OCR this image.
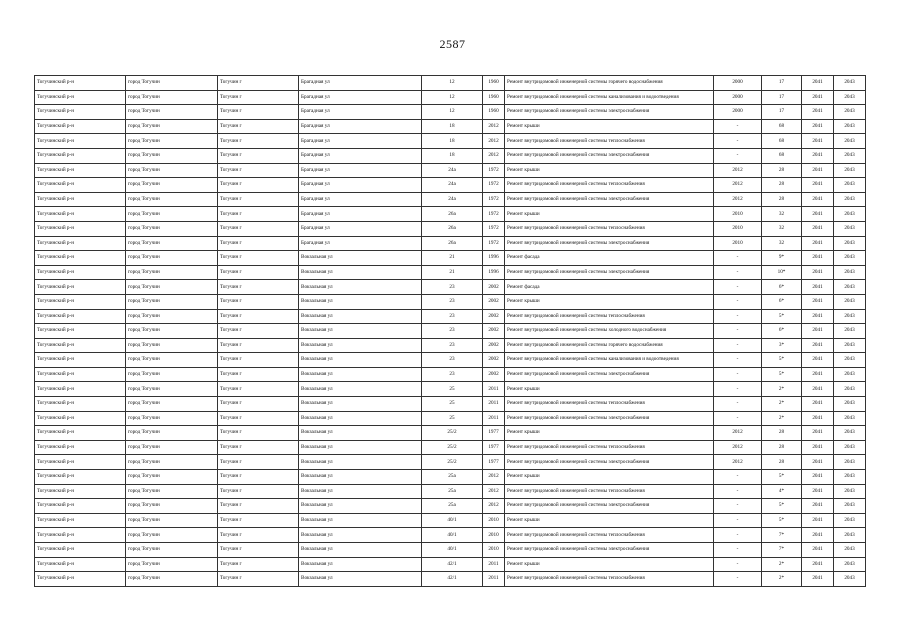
2587
Тогучинский р-н	город Тогучин	Тогучин г	Брагадная ул	12	1960	Ремонт внутридомовой инженерной системы горячего водоснабжения	2000	17	2041	2043
Тогучинский р-н	город Тогучин	Тогучин г	Брагадная ул	12	1960	Ремонт внутридомовой инженерной системы канализования и водоотведения	2000	17	2041	2043
Тогучинский р-н	город Тогучин	Тогучин г	Брагадная ул	12	1960	Ремонт внутридомовой инженерной системы электроснабжения	2000	17	2041	2043
Тогучинский р-н	город Тогучин	Тогучин г	Брагадная ул	18	2012	Ремонт крыши	-	68	2041	2043
Тогучинский р-н	город Тогучин	Тогучин г	Брагадная ул	18	2012	Ремонт внутридомовой инженерной системы теплоснабжения	-	68	2041	2043
Тогучинский р-н	город Тогучин	Тогучин г	Брагадная ул	18	2012	Ремонт внутридомовой инженерной системы электроснабжения	-	68	2041	2043
Тогучинский р-н	город Тогучин	Тогучин г	Брагадная ул	24а	1972	Ремонт крыши	2012	28	2041	2043
Тогучинский р-н	город Тогучин	Тогучин г	Брагадная ул	24а	1972	Ремонт внутридомовой инженерной системы теплоснабжения	2012	28	2041	2043
Тогучинский р-н	город Тогучин	Тогучин г	Брагадная ул	24а	1972	Ремонт внутридомовой инженерной системы электроснабжения	2012	28	2041	2043
Тогучинский р-н	город Тогучин	Тогучин г	Брагадная ул	26а	1972	Ремонт крыши	2010	32	2041	2043
Тогучинский р-н	город Тогучин	Тогучин г	Брагадная ул	26а	1972	Ремонт внутридомовой инженерной системы теплоснабжения	2010	32	2041	2043
Тогучинский р-н	город Тогучин	Тогучин г	Брагадная ул	26а	1972	Ремонт внутридомовой инженерной системы электроснабжения	2010	32	2041	2043
Тогучинский р-н	город Тогучин	Тогучин г	Вокзальная ул	21	1996	Ремонт фасада	-	9*	2041	2043
Тогучинский р-н	город Тогучин	Тогучин г	Вокзальная ул	21	1996	Ремонт внутридомовой инженерной системы электроснабжения	-	10*	2041	2043
Тогучинский р-н	город Тогучин	Тогучин г	Вокзальная ул	23	2002	Ремонт фасада	-	6*	2041	2043
Тогучинский р-н	город Тогучин	Тогучин г	Вокзальная ул	23	2002	Ремонт крыши	-	6*	2041	2043
Тогучинский р-н	город Тогучин	Тогучин г	Вокзальная ул	23	2002	Ремонт внутридомовой инженерной системы теплоснабжения	-	5*	2041	2043
Тогучинский р-н	город Тогучин	Тогучин г	Вокзальная ул	23	2002	Ремонт внутридомовой инженерной системы холодного водоснабжения	-	6*	2041	2043
Тогучинский р-н	город Тогучин	Тогучин г	Вокзальная ул	23	2002	Ремонт внутридомовой инженерной системы горячего водоснабжения	-	3*	2041	2043
Тогучинский р-н	город Тогучин	Тогучин г	Вокзальная ул	23	2002	Ремонт внутридомовой инженерной системы канализования и водоотведения	-	5*	2041	2043
Тогучинский р-н	город Тогучин	Тогучин г	Вокзальная ул	23	2002	Ремонт внутридомовой инженерной системы электроснабжения	-	5*	2041	2043
Тогучинский р-н	город Тогучин	Тогучин г	Вокзальная ул	25	2011	Ремонт крыши	-	2*	2041	2043
Тогучинский р-н	город Тогучин	Тогучин г	Вокзальная ул	25	2011	Ремонт внутридомовой инженерной системы теплоснабжения	-	2*	2041	2043
Тогучинский р-н	город Тогучин	Тогучин г	Вокзальная ул	25	2011	Ремонт внутридомовой инженерной системы электроснабжения	-	2*	2041	2043
Тогучинский р-н	город Тогучин	Тогучин г	Вокзальная ул	25/2	1977	Ремонт крыши	2012	28	2041	2043
Тогучинский р-н	город Тогучин	Тогучин г	Вокзальная ул	25/2	1977	Ремонт внутридомовой инженерной системы теплоснабжения	2012	28	2041	2043
Тогучинский р-н	город Тогучин	Тогучин г	Вокзальная ул	25/2	1977	Ремонт внутридомовой инженерной системы электроснабжения	2012	28	2041	2043
Тогучинский р-н	город Тогучин	Тогучин г	Вокзальная ул	25а	2012	Ремонт крыши	-	5*	2041	2043
Тогучинский р-н	город Тогучин	Тогучин г	Вокзальная ул	25а	2012	Ремонт внутридомовой инженерной системы теплоснабжения	-	4*	2041	2043
Тогучинский р-н	город Тогучин	Тогучин г	Вокзальная ул	25а	2012	Ремонт внутридомовой инженерной системы электроснабжения	-	5*	2041	2043
Тогучинский р-н	город Тогучин	Тогучин г	Вокзальная ул	40/1	2010	Ремонт крыши	-	5*	2041	2043
Тогучинский р-н	город Тогучин	Тогучин г	Вокзальная ул	40/1	2010	Ремонт внутридомовой инженерной системы теплоснабжения	-	7*	2041	2043
Тогучинский р-н	город Тогучин	Тогучин г	Вокзальная ул	40/1	2010	Ремонт внутридомовой инженерной системы электроснабжения	-	7*	2041	2043
Тогучинский р-н	город Тогучин	Тогучин г	Вокзальная ул	42/1	2011	Ремонт крыши	-	2*	2041	2043
Тогучинский р-н	город Тогучин	Тогучин г	Вокзальная ул	42/1	2011	Ремонт внутридомовой инженерной системы теплоснабжения	-	2*	2041	2043
